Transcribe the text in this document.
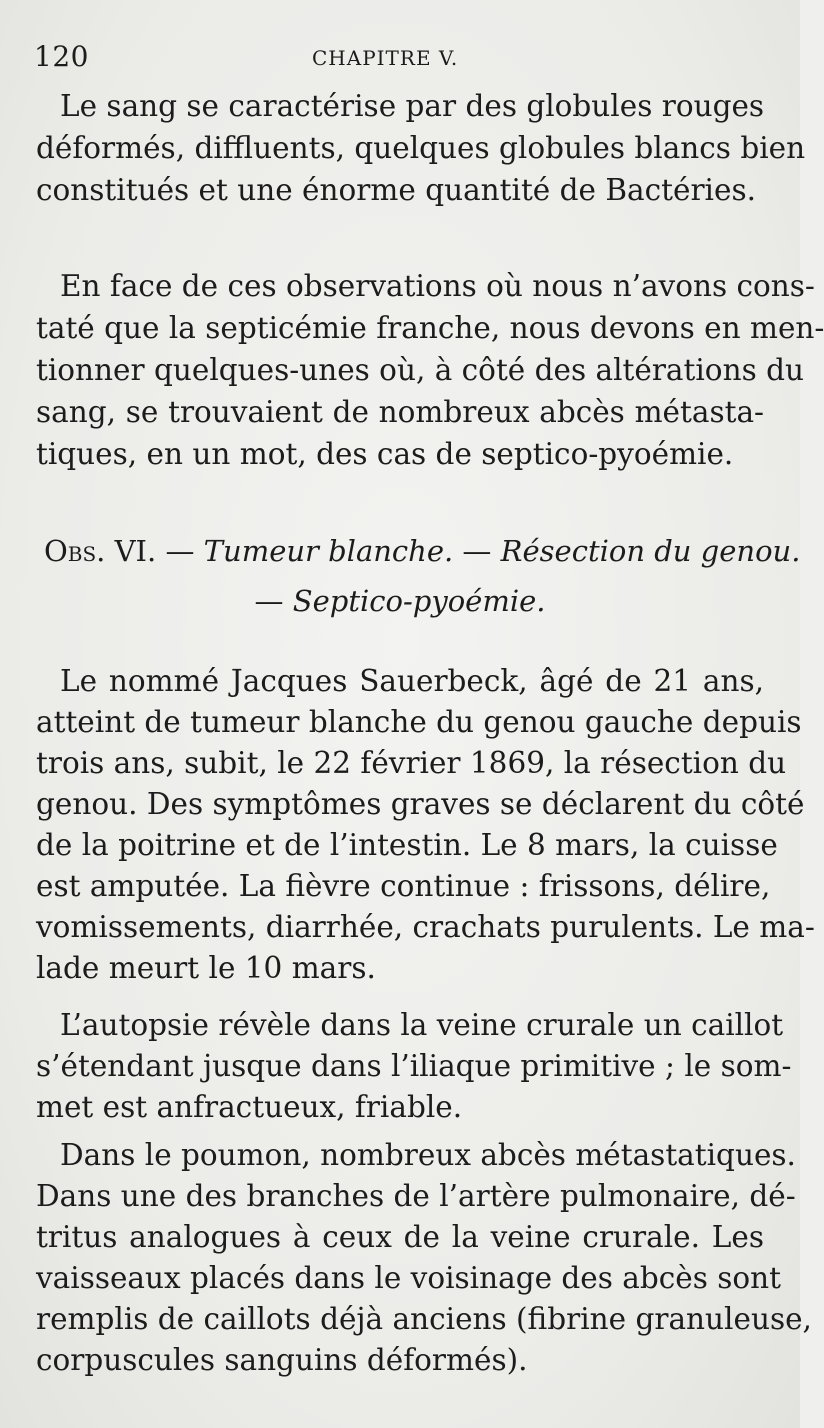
120	CHAPITRE V.
Le sang se caractérise par des globules rouges
déformés, diffluents, quelques globules blancs bien
constitués et une énorme quantité de Bactéries.
En face de ces observations où nous n’avons cons-
taté que la septicémie franche, nous devons en men-
tionner quelques-unes où, à côté des altérations du
sang, se trouvaient de nombreux abcès métasta-
tiques, en un mot, des cas de septico-pyoémie.
Obs. VI. — Tumeur blanche. — Résection du genou.
— Septico-pyoémie.
Le nommé Jacques Sauerbeck, âgé de 21 ans,
atteint de tumeur blanche du genou gauche depuis
trois ans, subit, le 22 février 1869, la résection du
genou. Des symptômes graves se déclarent du côté
de la poitrine et de l’intestin. Le 8 mars, la cuisse
est amputée. La fièvre continue : frissons, délire,
vomissements, diarrhée, crachats purulents. Le ma-
lade meurt le 10 mars.
L’autopsie révèle dans la veine crurale un caillot
s’étendant jusque dans l’iliaque primitive ; le som-
met est anfractueux, friable.
Dans le poumon, nombreux abcès métastatiques.
Dans une des branches de l’artère pulmonaire, dé-
tritus analogues à ceux de la veine crurale. Les
vaisseaux placés dans le voisinage des abcès sont
remplis de caillots déjà anciens (fibrine granuleuse,
corpuscules sanguins déformés).
